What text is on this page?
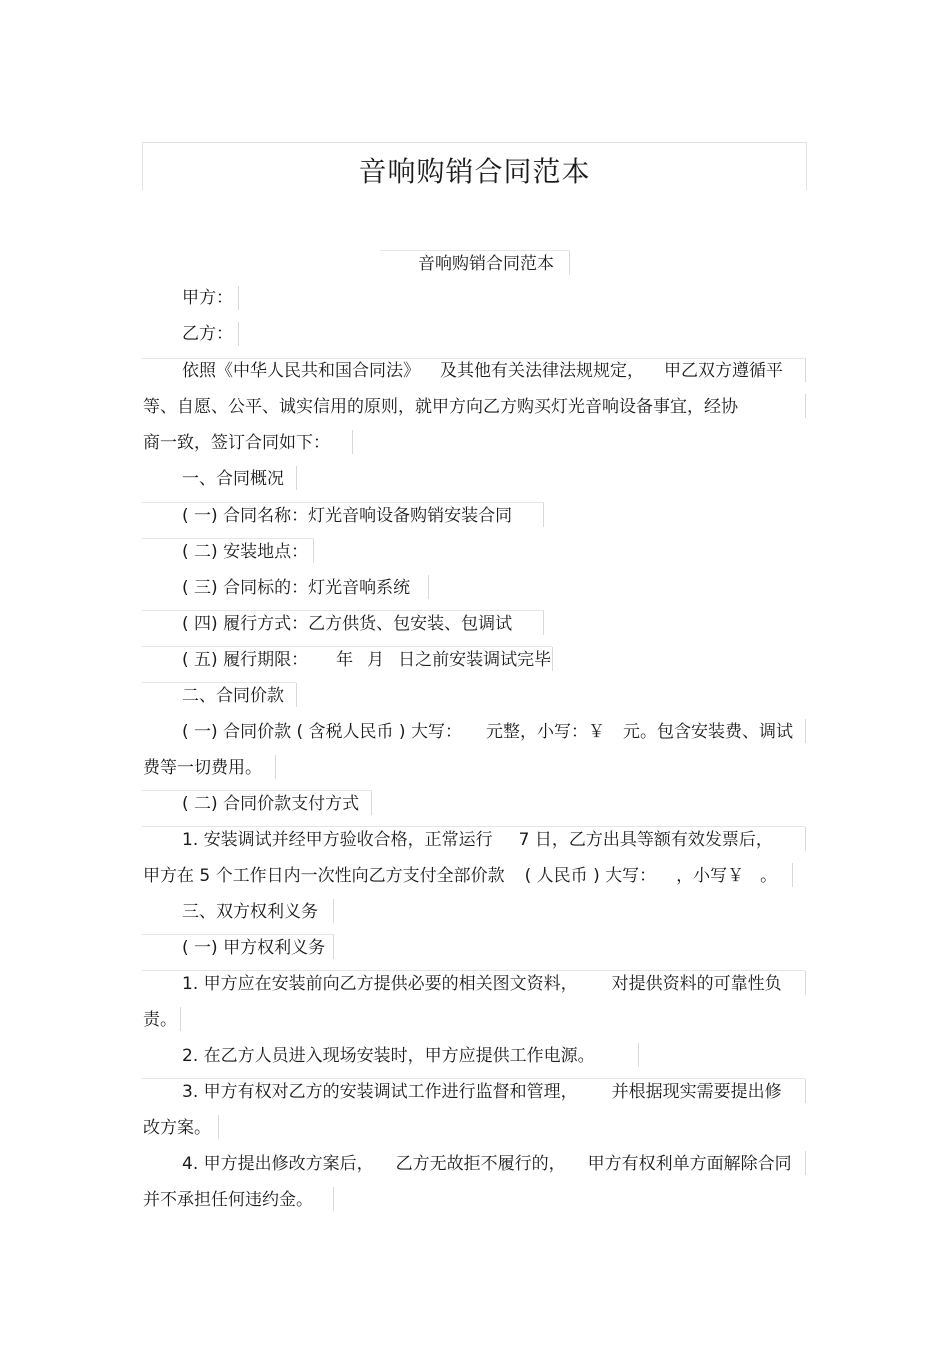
音响购销合同范本
音响购销合同范本
甲方：
乙方：
依照《中华人民共和国合同法》 及其他有关法律法规规定， 甲乙双方遵循平
等、自愿、公平、诚实信用的原则，就甲方向乙方购买灯光音响设备事宜，经协
商一致，签订合同如下：
一、合同概况
( 一) 合同名称：灯光音响设备购销安装合同
( 二) 安装地点：
( 三) 合同标的：灯光音响系统
( 四) 履行方式：乙方供货、包安装、包调试
( 五) 履行期限： 年 月 日之前安装调试完毕
二、合同价款
( 一) 合同价款 ( 含税人民币 ) 大写： 元整，小写：￥ 元。包含安装费、调试
费等一切费用。
( 二) 合同价款支付方式
1. 安装调试并经甲方验收合格，正常运行 7 日，乙方出具等额有效发票后，
甲方在 5 个工作日内一次性向乙方支付全部价款 ( 人民币 ) 大写： ，小写￥ 。
三、双方权利义务
( 一) 甲方权利义务
1. 甲方应在安装前向乙方提供必要的相关图文资料， 对提供资料的可靠性负
责。
2. 在乙方人员进入现场安装时，甲方应提供工作电源。
3. 甲方有权对乙方的安装调试工作进行监督和管理， 并根据现实需要提出修
改方案。
4. 甲方提出修改方案后， 乙方无故拒不履行的， 甲方有权利单方面解除合同
并不承担任何违约金。
